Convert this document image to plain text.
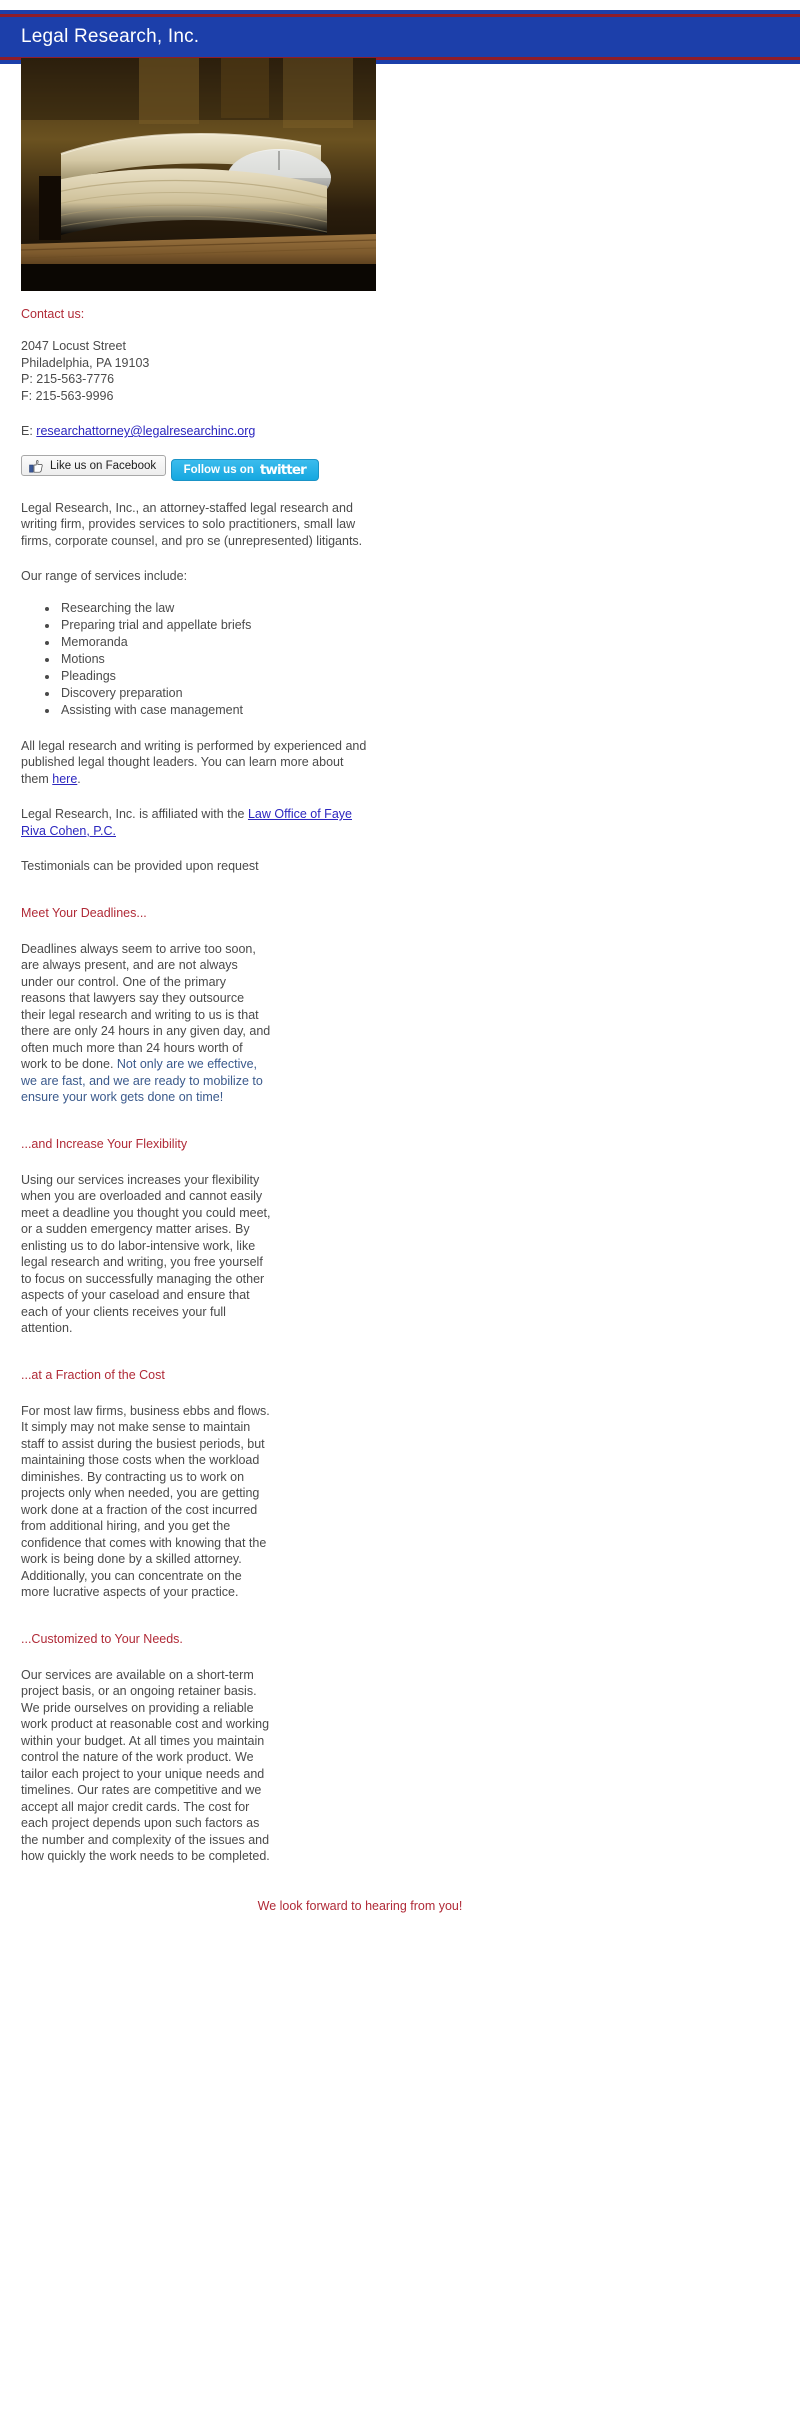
Legal Research, Inc.

Contact us:

2047 Locust Street
Philadelphia, PA 19103
P: 215-563-7776
F: 215-563-9996

E: researchattorney@legalresearchinc.org

Like us on Facebook
Follow us on twitter

Legal Research, Inc., an attorney-staffed legal research and writing firm, provides services to solo practitioners, small law firms, corporate counsel, and pro se (unrepresented) litigants.

Our range of services include:

• Researching the law
• Preparing trial and appellate briefs
• Memoranda
• Motions
• Pleadings
• Discovery preparation
• Assisting with case management

All legal research and writing is performed by experienced and published legal thought leaders. You can learn more about them here.

Legal Research, Inc. is affiliated with the Law Office of Faye Riva Cohen, P.C.

Testimonials can be provided upon request

Meet Your Deadlines...

Deadlines always seem to arrive too soon, are always present, and are not always under our control. One of the primary reasons that lawyers say they outsource their legal research and writing to us is that there are only 24 hours in any given day, and often much more than 24 hours worth of work to be done. Not only are we effective, we are fast, and we are ready to mobilize to ensure your work gets done on time!

...and Increase Your Flexibility

Using our services increases your flexibility when you are overloaded and cannot easily meet a deadline you thought you could meet, or a sudden emergency matter arises. By enlisting us to do labor-intensive work, like legal research and writing, you free yourself to focus on successfully managing the other aspects of your caseload and ensure that each of your clients receives your full attention.

...at a Fraction of the Cost

For most law firms, business ebbs and flows. It simply may not make sense to maintain staff to assist during the busiest periods, but maintaining those costs when the workload diminishes. By contracting us to work on projects only when needed, you are getting work done at a fraction of the cost incurred from additional hiring, and you get the confidence that comes with knowing that the work is being done by a skilled attorney. Additionally, you can concentrate on the more lucrative aspects of your practice.

...Customized to Your Needs.

Our services are available on a short-term project basis, or an ongoing retainer basis. We pride ourselves on providing a reliable work product at reasonable cost and working within your budget. At all times you maintain control the nature of the work product. We tailor each project to your unique needs and timelines. Our rates are competitive and we accept all major credit cards. The cost for each project depends upon such factors as the number and complexity of the issues and how quickly the work needs to be completed.

We look forward to hearing from you!
